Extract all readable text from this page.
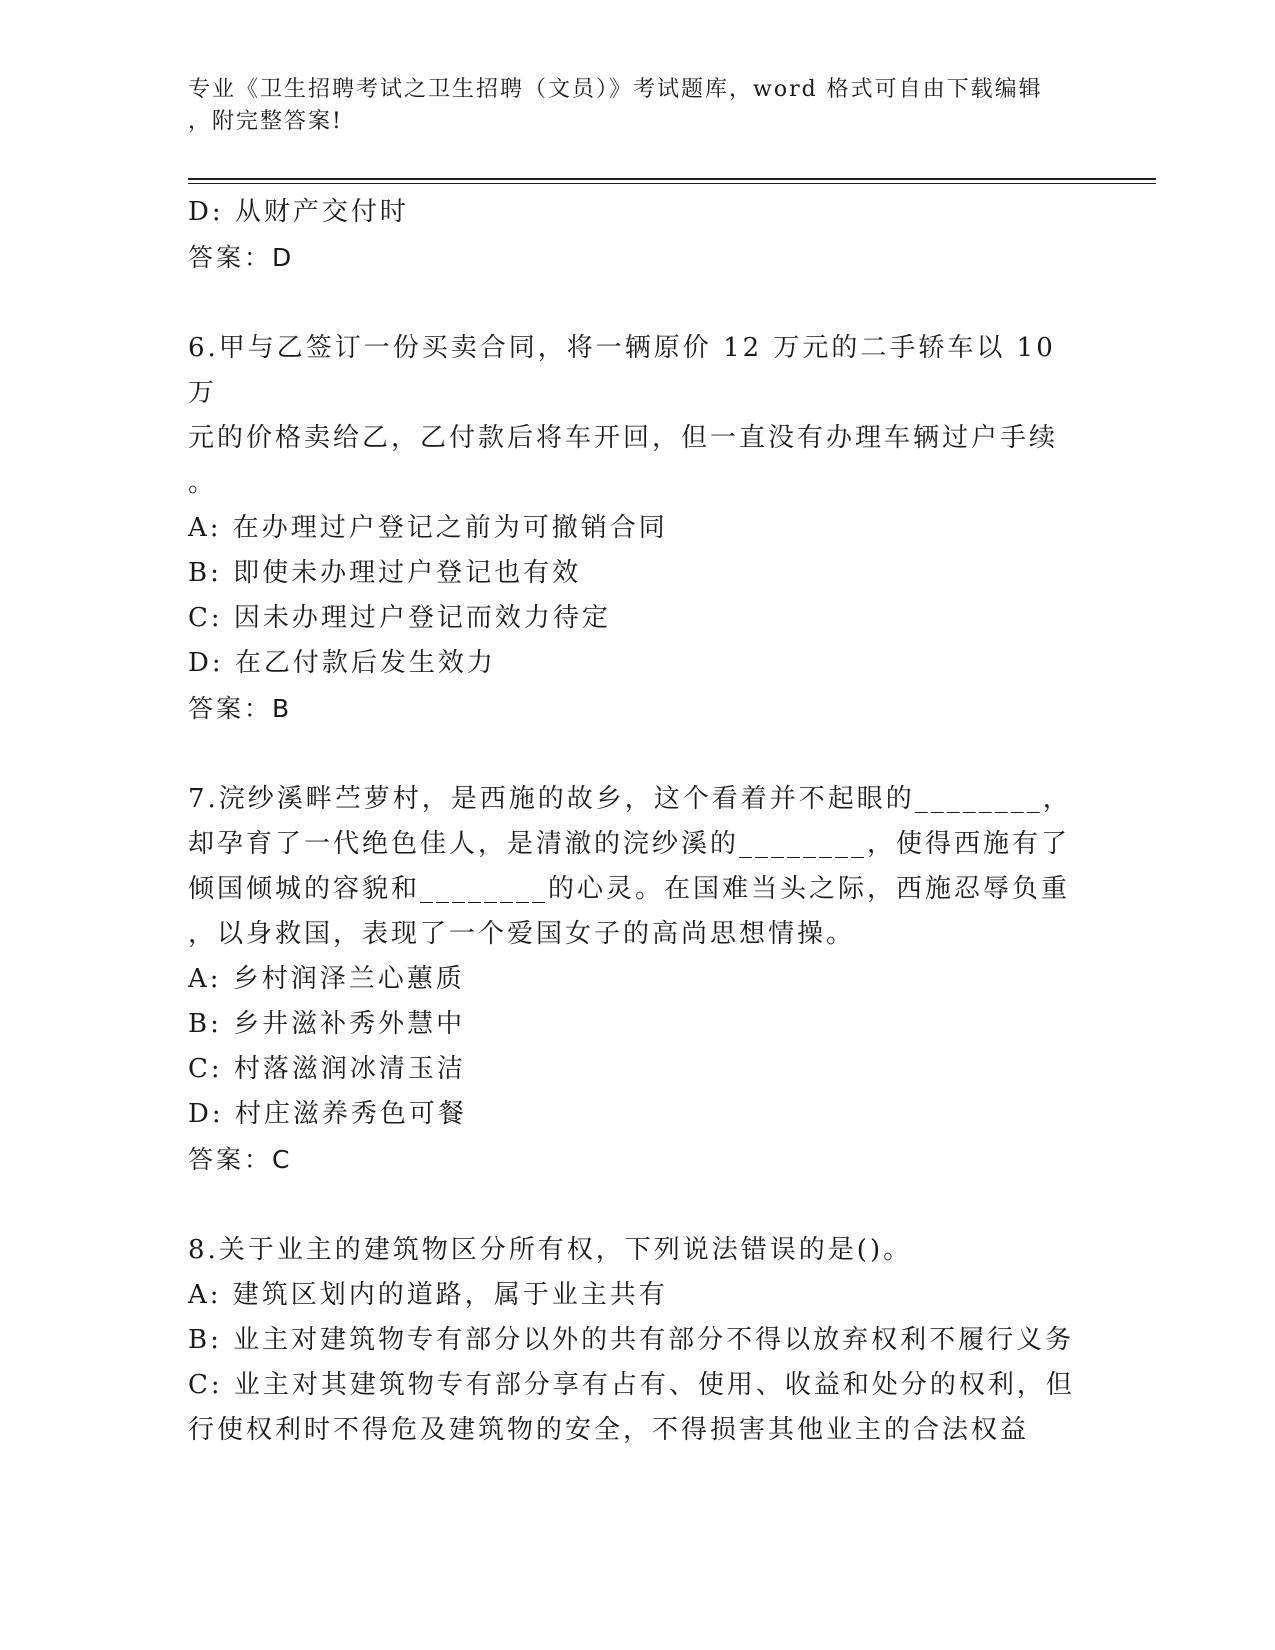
专业《卫生招聘考试之卫生招聘（文员）》考试题库，word 格式可自由下载编辑
，附完整答案!
D: 从财产交付时
答案：D
6.甲与乙签订一份买卖合同，将一辆原价 12 万元的二手轿车以 10 万
元的价格卖给乙，乙付款后将车开回，但一直没有办理车辆过户手续
。
A: 在办理过户登记之前为可撤销合同
B: 即使未办理过户登记也有效
C: 因未办理过户登记而效力待定
D: 在乙付款后发生效力
答案：B
7.浣纱溪畔苎萝村，是西施的故乡，这个看着并不起眼的________，
却孕育了一代绝色佳人，是清澈的浣纱溪的________，使得西施有了
倾国倾城的容貌和________的心灵。在国难当头之际，西施忍辱负重
，以身救国，表现了一个爱国女子的高尚思想情操。
A: 乡村润泽兰心蕙质
B: 乡井滋补秀外慧中
C: 村落滋润冰清玉洁
D: 村庄滋养秀色可餐
答案：C
8.关于业主的建筑物区分所有权，下列说法错误的是()。
A: 建筑区划内的道路，属于业主共有
B: 业主对建筑物专有部分以外的共有部分不得以放弃权利不履行义务
C: 业主对其建筑物专有部分享有占有、使用、收益和处分的权利，但
行使权利时不得危及建筑物的安全，不得损害其他业主的合法权益
